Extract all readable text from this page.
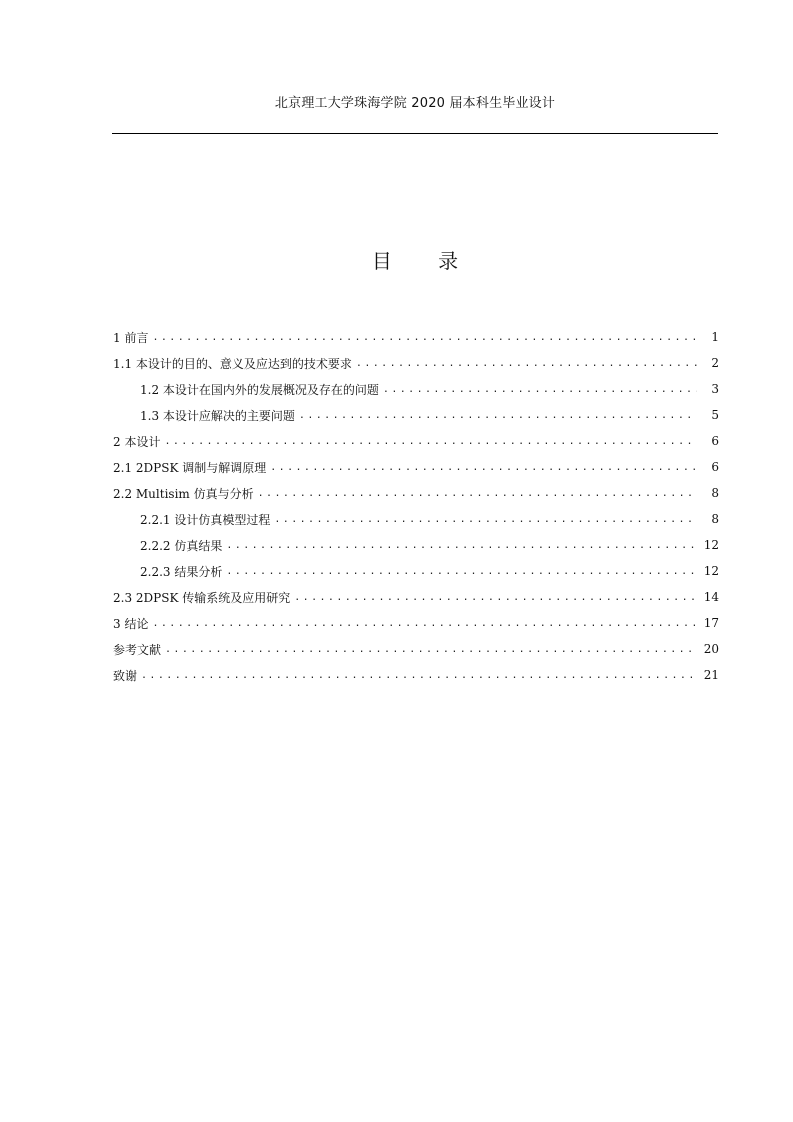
北京理工大学珠海学院 2020 届本科生毕业设计
目 录
1 前言 .....	1
1.1 本设计的目的、意义及应达到的技术要求 .....	2
1.2 本设计在国内外的发展概况及存在的问题 .....	3
1.3 本设计应解决的主要问题 .....	5
2 本设计 .....	6
2.1 2DPSK 调制与解调原理 .....	6
2.2 Multisim 仿真与分析 .....	8
2.2.1 设计仿真模型过程 .....	8
2.2.2 仿真结果 .....	12
2.2.3 结果分析 .....	12
2.3 2DPSK 传输系统及应用研究 .....	14
3 结论 .....	17
参考文献 .....	20
致谢 .....	21
